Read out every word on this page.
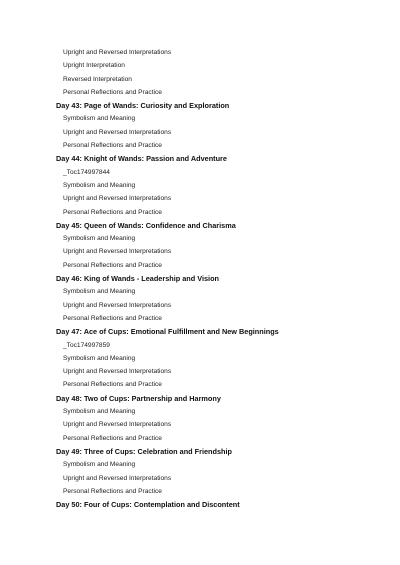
Upright and Reversed Interpretations
Upright Interpretation
Reversed Interpretation
Personal Reflections and Practice
Day 43: Page of Wands: Curiosity and Exploration
Symbolism and Meaning
Upright and Reversed Interpretations
Personal Reflections and Practice
Day 44: Knight of Wands: Passion and Adventure
_Toc174997844
Symbolism and Meaning
Upright and Reversed Interpretations
Personal Reflections and Practice
Day 45: Queen of Wands: Confidence and Charisma
Symbolism and Meaning
Upright and Reversed Interpretations
Personal Reflections and Practice
Day 46: King of Wands - Leadership and Vision
Symbolism and Meaning
Upright and Reversed Interpretations
Personal Reflections and Practice
Day 47: Ace of Cups: Emotional Fulfillment and New Beginnings
_Toc174997859
Symbolism and Meaning
Upright and Reversed Interpretations
Personal Reflections and Practice
Day 48: Two of Cups: Partnership and Harmony
Symbolism and Meaning
Upright and Reversed Interpretations
Personal Reflections and Practice
Day 49: Three of Cups: Celebration and Friendship
Symbolism and Meaning
Upright and Reversed Interpretations
Personal Reflections and Practice
Day 50: Four of Cups: Contemplation and Discontent
